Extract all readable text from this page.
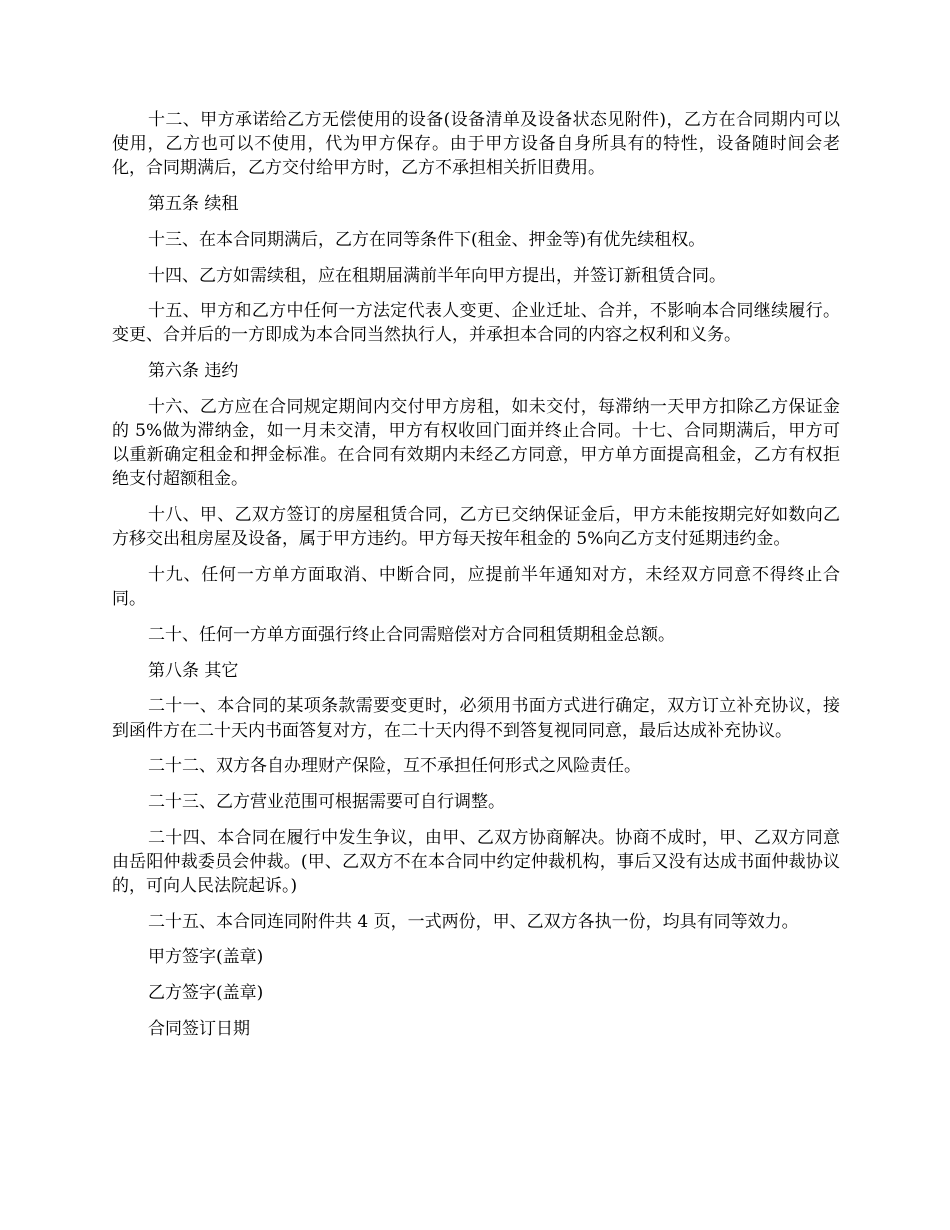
十二、甲方承诺给乙方无偿使用的设备(设备清单及设备状态见附件)，乙方在合同期内可以使用，乙方也可以不使用，代为甲方保存。由于甲方设备自身所具有的特性，设备随时间会老化，合同期满后，乙方交付给甲方时，乙方不承担相关折旧费用。

第五条 续租

十三、在本合同期满后，乙方在同等条件下(租金、押金等)有优先续租权。

十四、乙方如需续租，应在租期届满前半年向甲方提出，并签订新租赁合同。

十五、甲方和乙方中任何一方法定代表人变更、企业迁址、合并，不影响本合同继续履行。变更、合并后的一方即成为本合同当然执行人，并承担本合同的内容之权利和义务。

第六条 违约

十六、乙方应在合同规定期间内交付甲方房租，如未交付，每滞纳一天甲方扣除乙方保证金的 5%做为滞纳金，如一月未交清，甲方有权收回门面并终止合同。十七、合同期满后，甲方可以重新确定租金和押金标准。在合同有效期内未经乙方同意，甲方单方面提高租金，乙方有权拒绝支付超额租金。

十八、甲、乙双方签订的房屋租赁合同，乙方已交纳保证金后，甲方未能按期完好如数向乙方移交出租房屋及设备，属于甲方违约。甲方每天按年租金的 5%向乙方支付延期违约金。

十九、任何一方单方面取消、中断合同，应提前半年通知对方，未经双方同意不得终止合同。

二十、任何一方单方面强行终止合同需赔偿对方合同租赁期租金总额。

第八条 其它

二十一、本合同的某项条款需要变更时，必须用书面方式进行确定，双方订立补充协议，接到函件方在二十天内书面答复对方，在二十天内得不到答复视同同意，最后达成补充协议。

二十二、双方各自办理财产保险，互不承担任何形式之风险责任。

二十三、乙方营业范围可根据需要可自行调整。

二十四、本合同在履行中发生争议，由甲、乙双方协商解决。协商不成时，甲、乙双方同意由岳阳仲裁委员会仲裁。(甲、乙双方不在本合同中约定仲裁机构，事后又没有达成书面仲裁协议的，可向人民法院起诉。)

二十五、本合同连同附件共 4 页，一式两份，甲、乙双方各执一份，均具有同等效力。

甲方签字(盖章)

乙方签字(盖章)

合同签订日期
